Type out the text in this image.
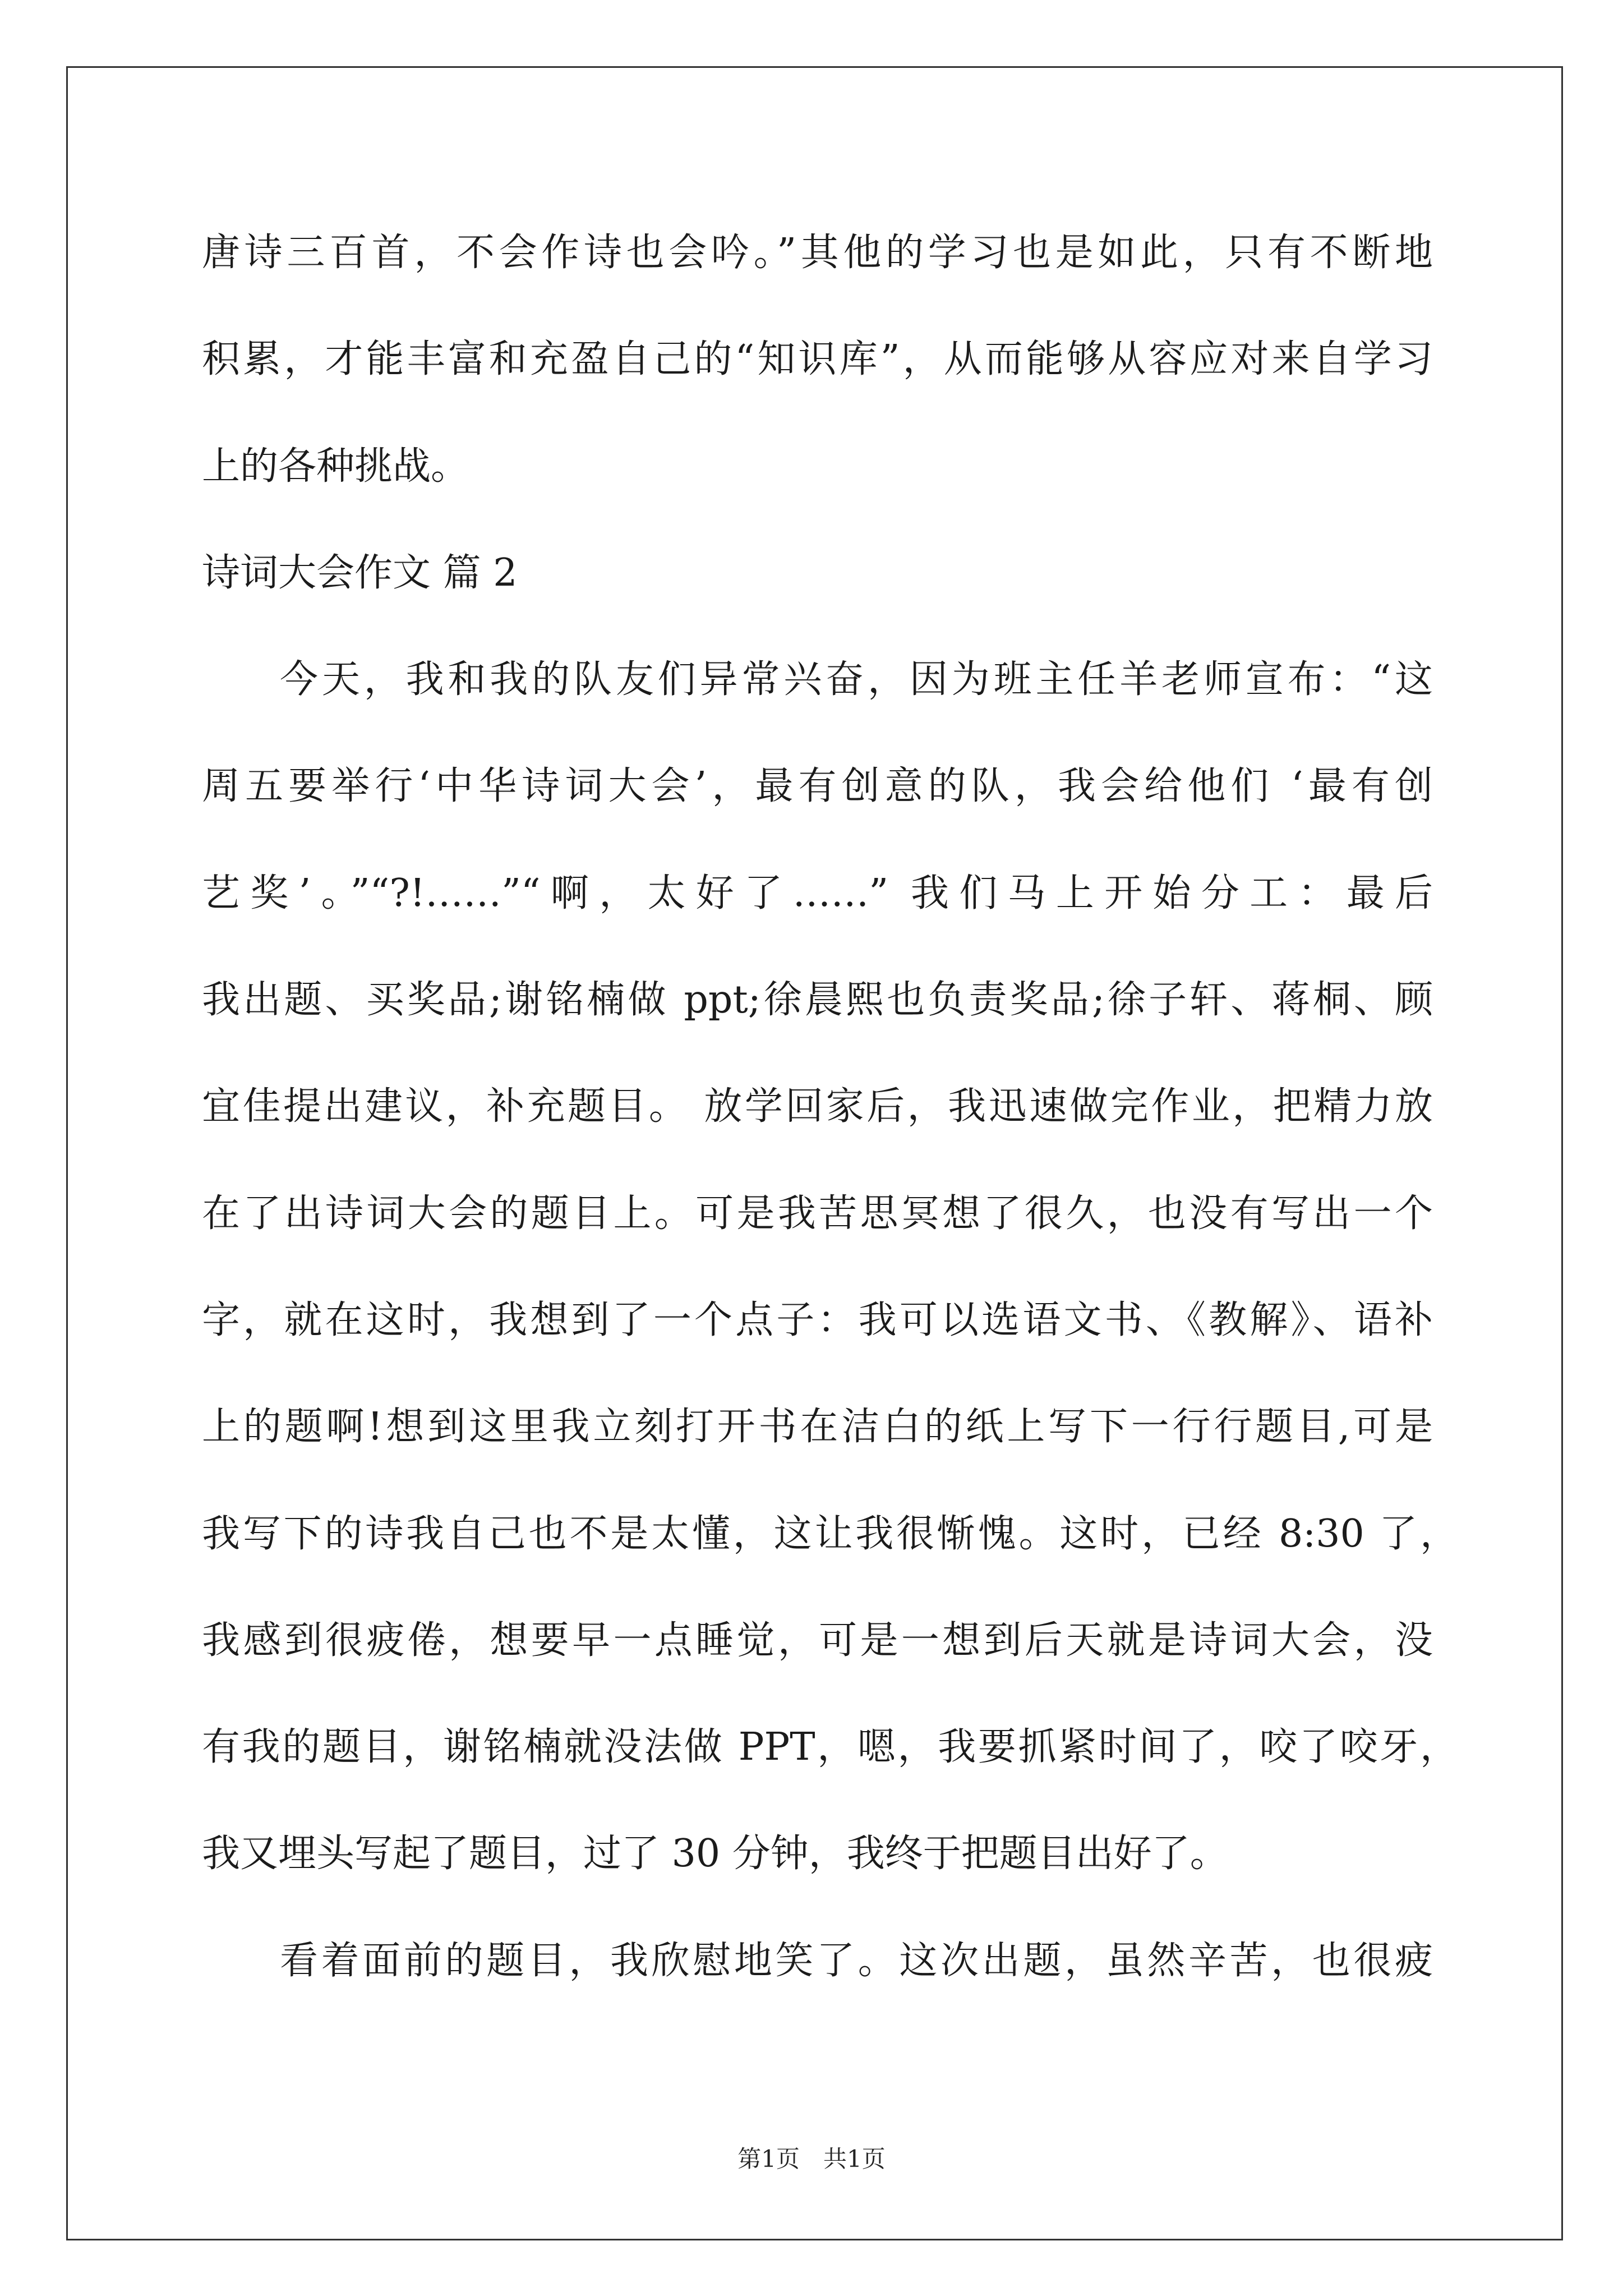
唐诗三百首，不会作诗也会吟。”其他的学习也是如此，只有不断地
积累，才能丰富和充盈自己的“知识库”，从而能够从容应对来自学习
上的各种挑战。
诗词大会作文 篇 2
今天，我和我的队友们异常兴奋，因为班主任羊老师宣布：“这
周五要举行‘中华诗词大会’，最有创意的队，我会给他们 ‘最有创
艺奖’。”“?!……”“啊，太好了……” 我们马上开始分工：最后
我出题、买奖品;谢铭楠做 ppt;徐晨熙也负责奖品;徐子轩、蒋桐、顾
宜佳提出建议，补充题目。 放学回家后，我迅速做完作业，把精力放
在了出诗词大会的题目上。可是我苦思冥想了很久，也没有写出一个
字，就在这时，我想到了一个点子：我可以选语文书、《教解》、语补
上的题啊!想到这里我立刻打开书在洁白的纸上写下一行行题目,可是
我写下的诗我自己也不是太懂，这让我很惭愧。这时，已经 8:30 了，
我感到很疲倦，想要早一点睡觉，可是一想到后天就是诗词大会，没
有我的题目，谢铭楠就没法做 PPT，嗯，我要抓紧时间了，咬了咬牙，
我又埋头写起了题目，过了 30 分钟，我终于把题目出好了。
看着面前的题目，我欣慰地笑了。这次出题，虽然辛苦，也很疲
第1页　共1页
